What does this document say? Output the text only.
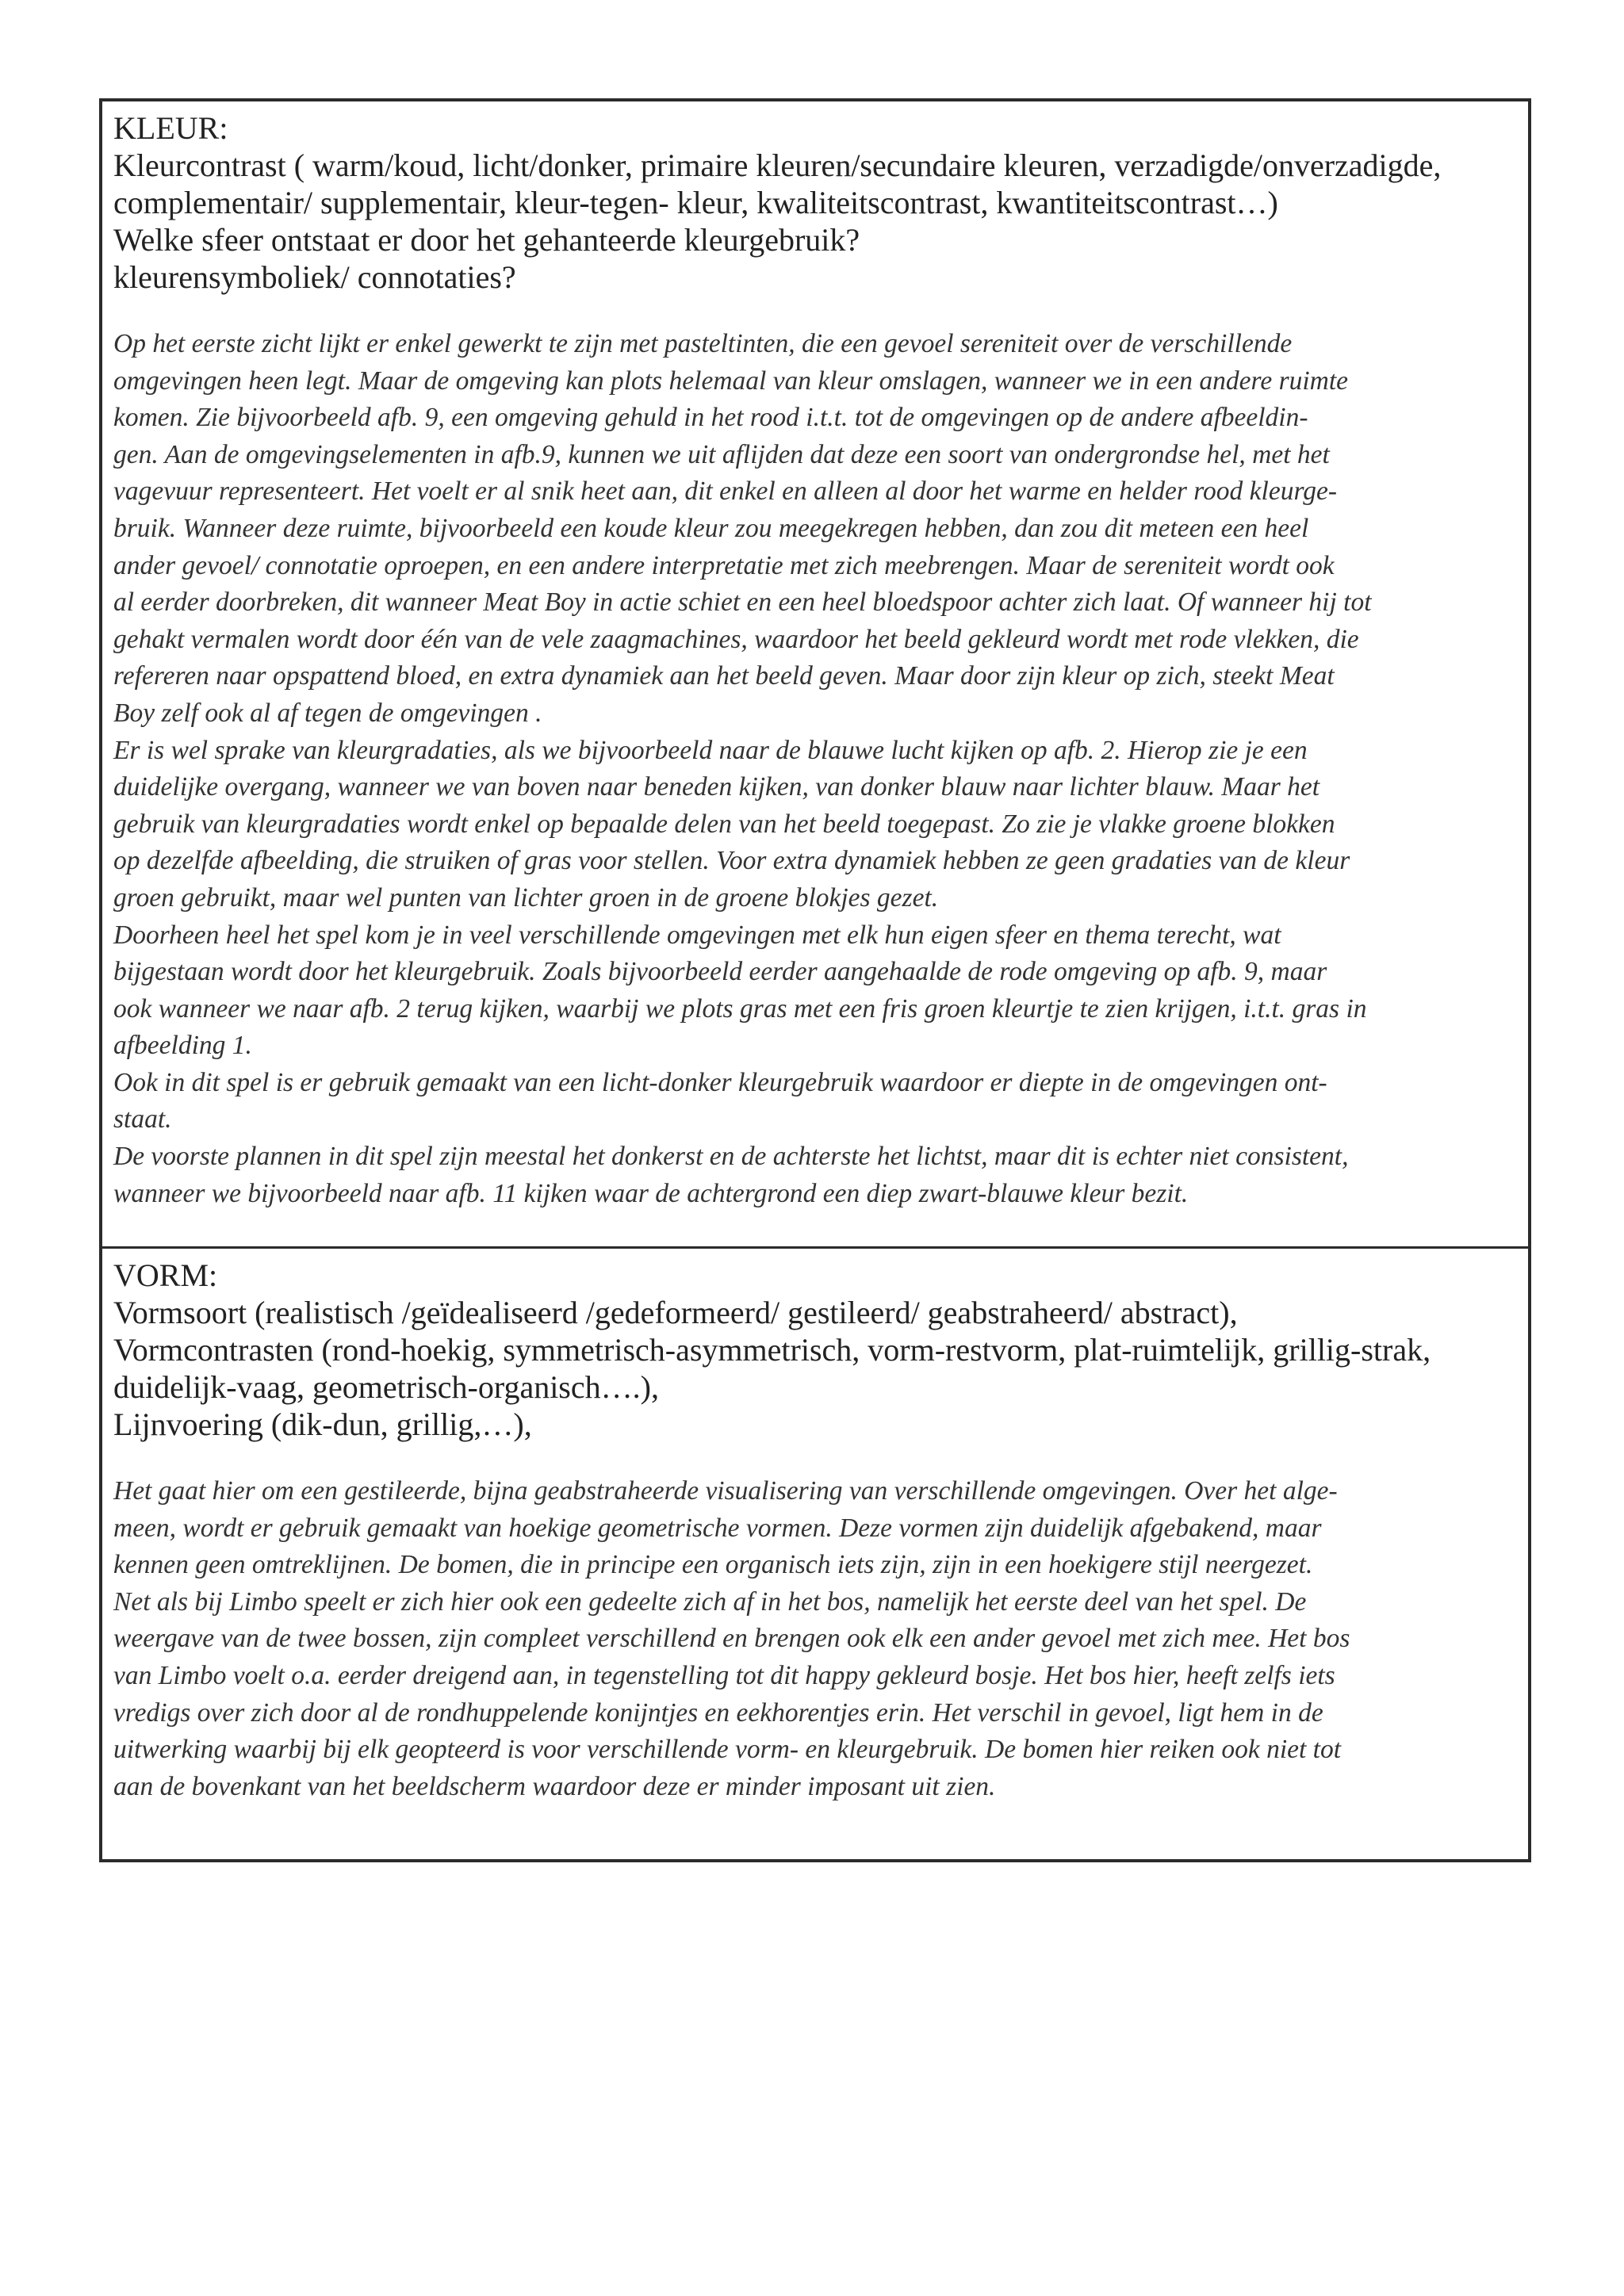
KLEUR:

Kleurcontrast ( warm/koud, licht/donker, primaire kleuren/secundaire kleuren, verzadigde/onverzadigde,

complementair/ supplementair, kleur-tegen- kleur, kwaliteitscontrast, kwantiteitscontrast…)

Welke sfeer ontstaat er door het gehanteerde kleurgebruik?

kleurensymboliek/ connotaties?

Op het eerste zicht lijkt er enkel gewerkt te zijn met pasteltinten, die een gevoel sereniteit over de verschillende

omgevingen heen legt. Maar de omgeving kan plots helemaal van kleur omslagen, wanneer we in een andere ruimte

komen. Zie bijvoorbeeld afb. 9, een omgeving gehuld in het rood i.t.t. tot de omgevingen op de andere afbeeldin-

gen. Aan de omgevingselementen in afb.9, kunnen we uit aflijden dat deze een soort van ondergrondse hel, met het

vagevuur representeert. Het voelt er al snik heet aan, dit enkel en alleen al door het warme en helder rood kleurge-

bruik. Wanneer deze ruimte, bijvoorbeeld een koude kleur zou meegekregen hebben, dan zou dit meteen een heel

ander gevoel/ connotatie oproepen, en een andere interpretatie met zich meebrengen. Maar de sereniteit wordt ook

al eerder doorbreken, dit wanneer Meat Boy in actie schiet en een heel bloedspoor achter zich laat. Of wanneer hij tot

gehakt vermalen wordt door één van de vele zaagmachines, waardoor het beeld gekleurd wordt met rode vlekken, die

refereren naar opspattend bloed, en extra dynamiek aan het beeld geven. Maar door zijn kleur op zich, steekt Meat

Boy zelf ook al af tegen de omgevingen .

Er is wel sprake van kleurgradaties, als we bijvoorbeeld naar de blauwe lucht kijken op afb. 2. Hierop zie je een

duidelijke overgang, wanneer we van boven naar beneden kijken, van donker blauw naar lichter blauw. Maar het

gebruik van kleurgradaties wordt enkel op bepaalde delen van het beeld toegepast. Zo zie je vlakke groene blokken

op dezelfde afbeelding, die struiken of gras voor stellen. Voor extra dynamiek hebben ze geen gradaties van de kleur

groen gebruikt, maar wel punten van lichter groen in de groene blokjes gezet.

Doorheen heel het spel kom je in veel verschillende omgevingen met elk hun eigen sfeer en thema terecht, wat

bijgestaan wordt door het kleurgebruik. Zoals bijvoorbeeld eerder aangehaalde de rode omgeving op afb. 9, maar

ook wanneer we naar afb. 2 terug kijken, waarbij we plots gras met een fris groen kleurtje te zien krijgen, i.t.t. gras in

afbeelding 1.

Ook in dit spel is er gebruik gemaakt van een licht-donker kleurgebruik waardoor er diepte in de omgevingen ont-

staat.

De voorste plannen in dit spel zijn meestal het donkerst en de achterste het lichtst, maar dit is echter niet consistent,

wanneer we bijvoorbeeld naar afb. 11 kijken waar de achtergrond een diep zwart-blauwe kleur bezit.

VORM:

Vormsoort (realistisch /geïdealiseerd /gedeformeerd/ gestileerd/ geabstraheerd/ abstract),

Vormcontrasten (rond-hoekig, symmetrisch-asymmetrisch, vorm-restvorm, plat-ruimtelijk, grillig-strak,

duidelijk-vaag, geometrisch-organisch….),

Lijnvoering (dik-dun, grillig,…),

Het gaat hier om een gestileerde, bijna geabstraheerde visualisering van verschillende omgevingen. Over het alge-

meen, wordt er gebruik gemaakt van hoekige geometrische vormen. Deze vormen zijn duidelijk afgebakend, maar

kennen geen omtreklijnen. De bomen, die in principe een organisch iets zijn, zijn in een hoekigere stijl neergezet.

Net als bij Limbo speelt er zich hier ook een gedeelte zich af in het bos, namelijk het eerste deel van het spel. De

weergave van de twee bossen, zijn compleet verschillend en brengen ook elk een ander gevoel met zich mee. Het bos

van Limbo voelt o.a. eerder dreigend aan, in tegenstelling tot dit happy gekleurd bosje. Het bos hier, heeft zelfs iets

vredigs over zich door al de rondhuppelende konijntjes en eekhorentjes erin. Het verschil in gevoel, ligt hem in de

uitwerking waarbij bij elk geopteerd is voor verschillende vorm- en kleurgebruik. De bomen hier reiken ook niet tot

aan de bovenkant van het beeldscherm waardoor deze er minder imposant uit zien.
